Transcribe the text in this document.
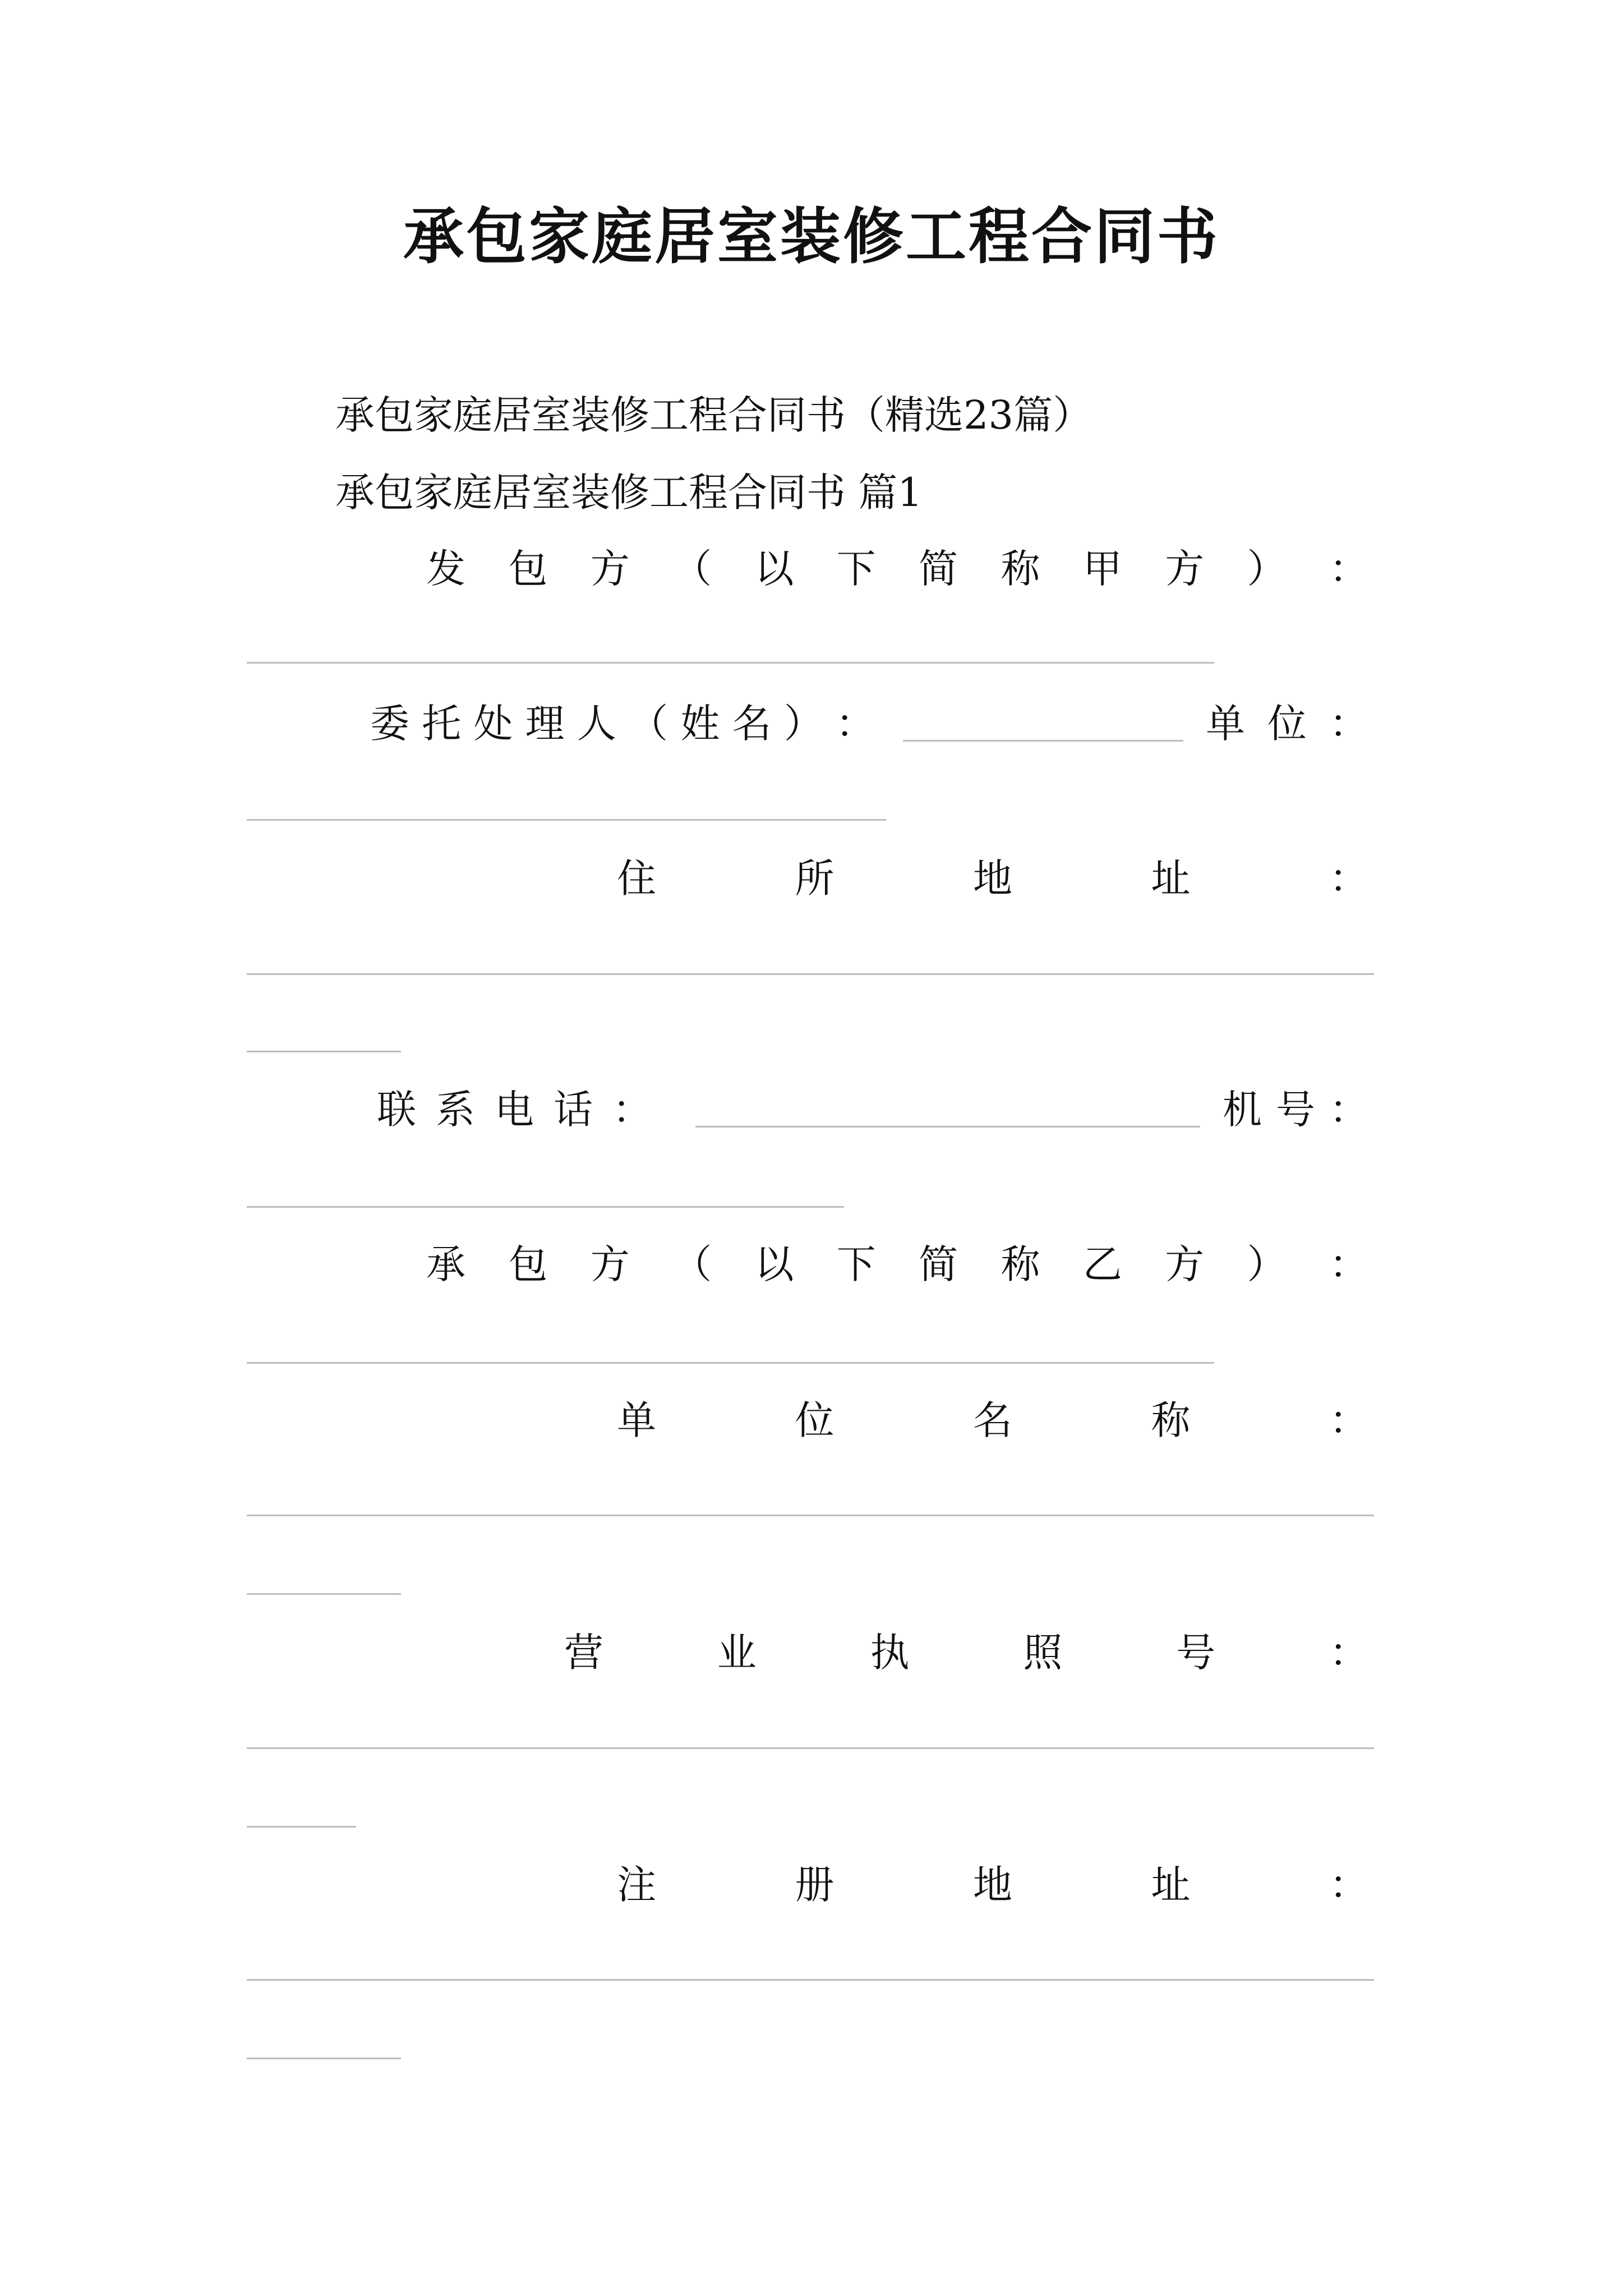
承包家庭居室装修工程合同书
承包家庭居室装修工程合同书（精选23篇）
承包家庭居室装修工程合同书 篇1
发 包 方 （ 以 下 简 称 甲 方 ） ：
委 托 处 理 人 （ 姓 名 ） ：	单 位 ：
住	所	地	址	：
联 系 电 话 ：	机 号 ：
承 包 方 （ 以 下 简 称 乙 方 ） ：
单	位	名	称	：
营	业	执	照	号	：
注	册	地	址	：
